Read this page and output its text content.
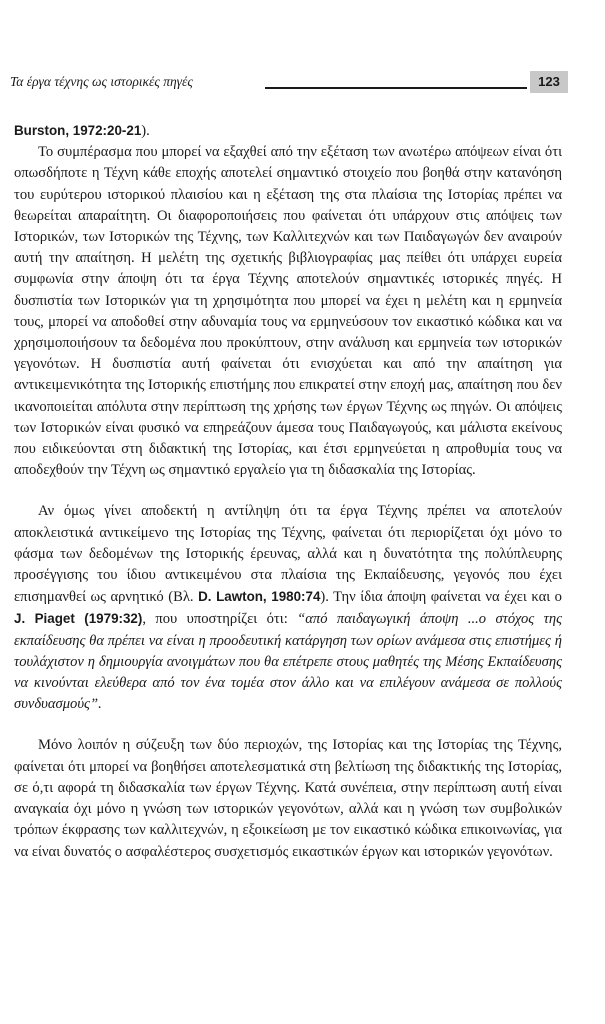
Τα έργα τέχνης ως ιστορικές πηγές	123

Burston, 1972:20-21).

Το συμπέρασμα που μπορεί να εξαχθεί από την εξέταση των ανωτέρω απόψεων είναι ότι οπωσδήποτε η Τέχνη κάθε εποχής αποτελεί σημαντικό στοιχείο που βοηθά στην κατανόηση του ευρύτερου ιστορικού πλαισίου και η εξέταση της στα πλαίσια της Ιστορίας πρέπει να θεωρείται απαραίτητη. Οι διαφοροποιήσεις που φαίνεται ότι υπάρχουν στις απόψεις των Ιστορικών, των Ιστορικών της Τέχνης, των Καλλιτεχνών και των Παιδαγωγών δεν αναιρούν αυτή την απαίτηση. Η μελέτη της σχετικής βιβλιογραφίας μας πείθει ότι υπάρχει ευρεία συμφωνία στην άποψη ότι τα έργα Τέχνης αποτελούν σημαντικές ιστορικές πηγές. Η δυσπιστία των Ιστορικών για τη χρησιμότητα που μπορεί να έχει η μελέτη και η ερμηνεία τους, μπορεί να αποδοθεί στην αδυναμία τους να ερμηνεύσουν τον εικαστικό κώδικα και να χρησιμοποιήσουν τα δεδομένα που προκύπτουν, στην ανάλυση και ερμηνεία των ιστορικών γεγονότων. Η δυσπιστία αυτή φαίνεται ότι ενισχύεται και από την απαίτηση για αντικειμενικότητα της Ιστορικής επιστήμης που επικρατεί στην εποχή μας, απαίτηση που δεν ικανοποιείται απόλυτα στην περίπτωση της χρήσης των έργων Τέχνης ως πηγών. Οι απόψεις των Ιστορικών είναι φυσικό να επηρεάζουν άμεσα τους Παιδαγωγούς, και μάλιστα εκείνους που ειδικεύονται στη διδακτική της Ιστορίας, και έτσι ερμηνεύεται η απροθυμία τους να αποδεχθούν την Τέχνη ως σημαντικό εργαλείο για τη διδασκαλία της Ιστορίας.

Αν όμως γίνει αποδεκτή η αντίληψη ότι τα έργα Τέχνης πρέπει να αποτελούν αποκλειστικά αντικείμενο της Ιστορίας της Τέχνης, φαίνεται ότι περιορίζεται όχι μόνο το φάσμα των δεδομένων της Ιστορικής έρευνας, αλλά και η δυνατότητα της πολύπλευρης προσέγγισης του ίδιου αντικειμένου στα πλαίσια της Εκπαίδευσης, γεγονός που έχει επισημανθεί ως αρνητικό (Βλ. D. Lawton, 1980:74). Την ίδια άποψη φαίνεται να έχει και ο J. Piaget (1979:32), που υποστηρίζει ότι: “από παιδαγωγική άποψη ...ο στόχος της εκπαίδευσης θα πρέπει να είναι η προοδευτική κατάργηση των ορίων ανάμεσα στις επιστήμες ή τουλάχιστον η δημιουργία ανοιγμάτων που θα επέτρεπε στους μαθητές της Μέσης Εκπαίδευσης να κινούνται ελεύθερα από τον ένα τομέα στον άλλο και να επιλέγουν ανάμεσα σε πολλούς συνδυασμούς”.

Μόνο λοιπόν η σύζευξη των δύο περιοχών, της Ιστορίας και της Ιστορίας της Τέχνης, φαίνεται ότι μπορεί να βοηθήσει αποτελεσματικά στη βελτίωση της διδακτικής της Ιστορίας, σε ό,τι αφορά τη διδασκαλία των έργων Τέχνης. Κατά συνέπεια, στην περίπτωση αυτή είναι αναγκαία όχι μόνο η γνώση των ιστορικών γεγονότων, αλλά και η γνώση των συμβολικών τρόπων έκφρασης των καλλιτεχνών, η εξοικείωση με τον εικαστικό κώδικα επικοινωνίας, για να είναι δυνατός ο ασφαλέστερος συσχετισμός εικαστικών έργων και ιστορικών γεγονότων.
